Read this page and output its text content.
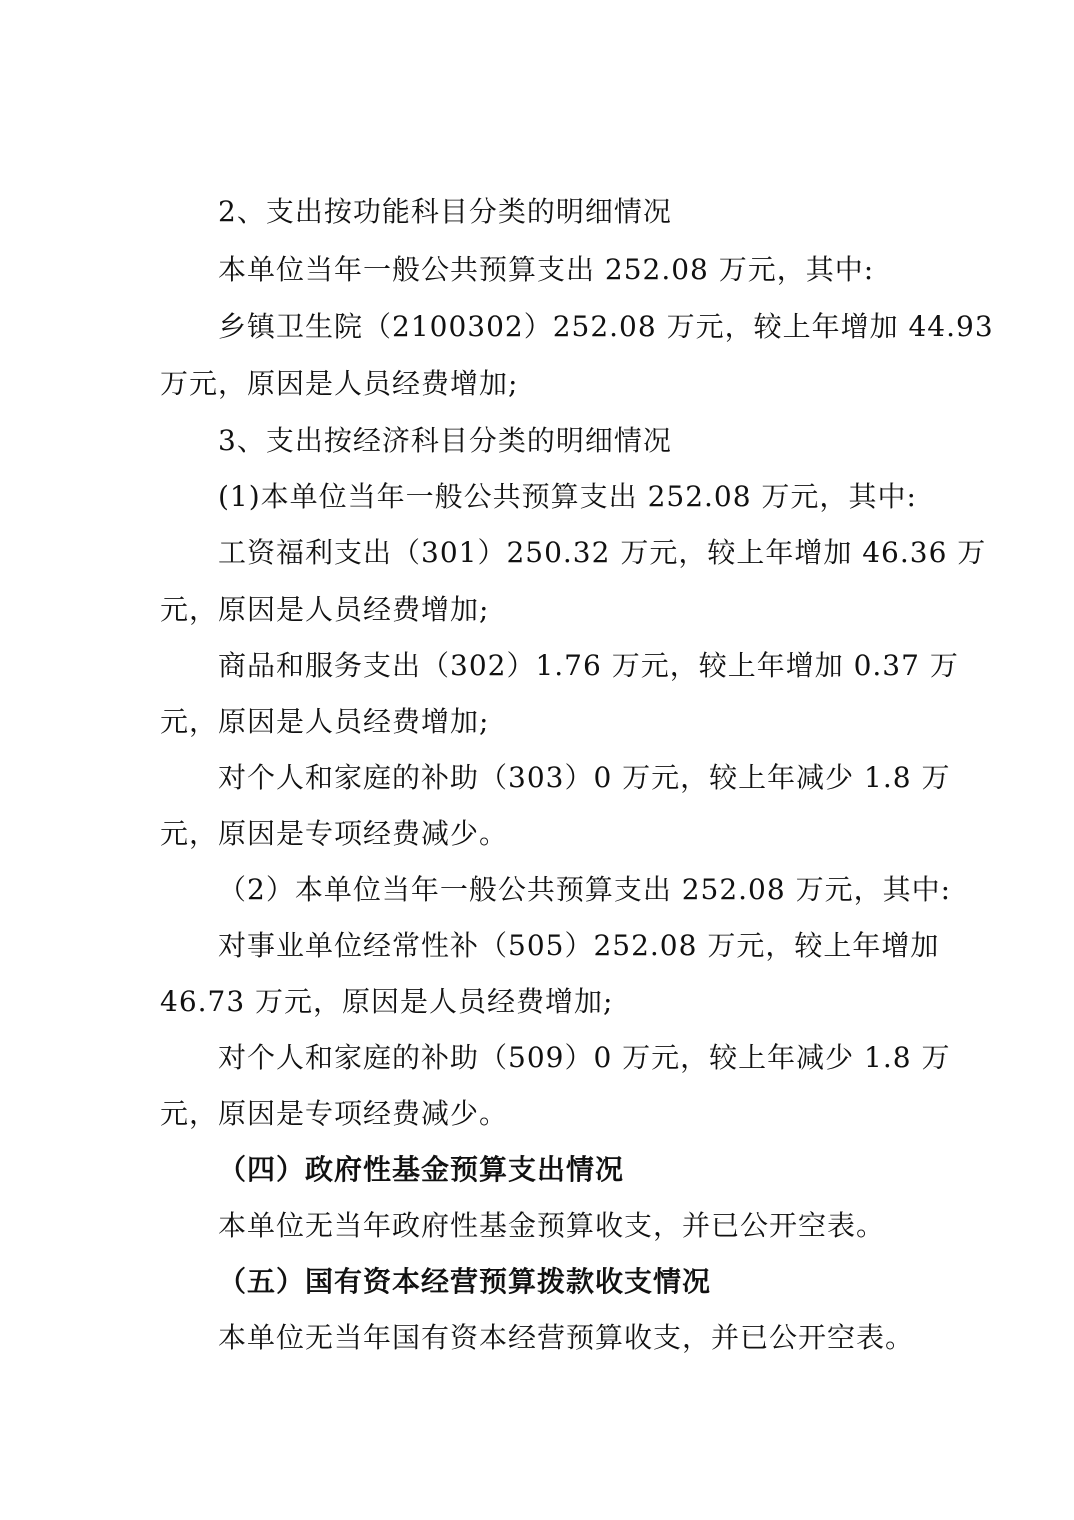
2、支出按功能科目分类的明细情况
本单位当年一般公共预算支出 252.08 万元，其中:
乡镇卫生院（2100302）252.08 万元，较上年增加 44.93
万元，原因是人员经费增加;
3、支出按经济科目分类的明细情况
(1)本单位当年一般公共预算支出 252.08 万元，其中:
工资福利支出（301）250.32 万元，较上年增加 46.36 万
元，原因是人员经费增加;
商品和服务支出（302）1.76 万元，较上年增加 0.37 万
元，原因是人员经费增加;
对个人和家庭的补助（303）0 万元，较上年减少 1.8 万
元，原因是专项经费减少。
（2）本单位当年一般公共预算支出 252.08 万元，其中:
对事业单位经常性补（505）252.08 万元，较上年增加
46.73 万元，原因是人员经费增加;
对个人和家庭的补助（509）0 万元，较上年减少 1.8 万
元，原因是专项经费减少。
（四）政府性基金预算支出情况
本单位无当年政府性基金预算收支，并已公开空表。
（五）国有资本经营预算拨款收支情况
本单位无当年国有资本经营预算收支，并已公开空表。
